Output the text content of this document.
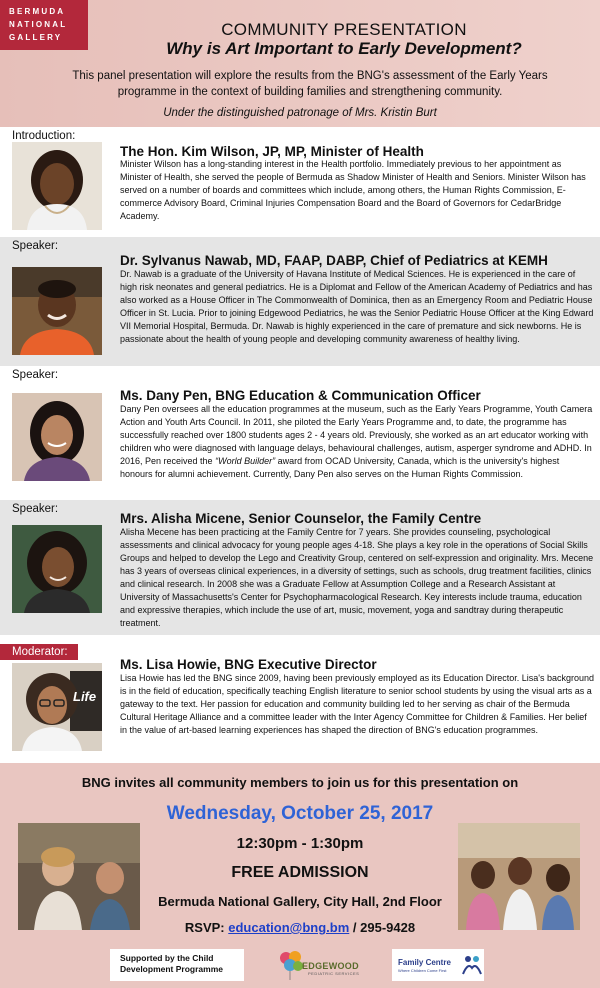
BERMUDA
NATIONAL
GALLERY	COMMUNITY PRESENTATION
Why is Art Important to Early Development?
This panel presentation will explore the results from the BNG's assessment of the Early Years programme in the context of building families and strengthening community.
Under the distinguished patronage of Mrs. Kristin Burt
Introduction:
The Hon. Kim Wilson, JP, MP, Minister of Health
Minister Wilson has a long-standing interest in the Health portfolio. Immediately previous to her appointment as Minister of Health, she served the people of Bermuda as Shadow Minister of Health and Seniors. Minister Wilson has served on a number of boards and committees which include, among others, the Human Rights Commission, E-commerce Advisory Board, Criminal Injuries Compensation Board and the Board of Governors for CedarBridge Academy.
Speaker:
Dr. Sylvanus Nawab, MD, FAAP, DABP, Chief of Pediatrics at KEMH
Dr. Nawab is a graduate of the University of Havana Institute of Medical Sciences. He is experienced in the care of high risk neonates and general pediatrics. He is a Diplomat and Fellow of the American Academy of Pediatrics and has also worked as a House Officer in The Commonwealth of Dominica, then as an Emergency Room and Pediatric House Officer in St. Lucia. Prior to joining Edgewood Pediatrics, he was the Senior Pediatric House Officer at the King Edward VII Memorial Hospital, Bermuda. Dr. Nawab is highly experienced in the care of premature and sick newborns. He is passionate about the health of young people and developing community awareness of healthy living.
Speaker:
Ms. Dany Pen, BNG Education & Communication Officer
Dany Pen oversees all the education programmes at the museum, such as the Early Years Programme, Youth Camera Action and Youth Arts Council. In 2011, she piloted the Early Years Programme and, to date, the programme has successfully reached over 1800 students ages 2 - 4 years old. Previously, she worked as an art educator working with children who were diagnosed with language delays, behavioural challenges, autism, asperger syndrome and ADHD. In 2016, Pen received the “World Builder” award from OCAD University, Canada, which is the university's highest honours for alumni achievement. Currently, Dany Pen also serves on the Human Rights Commission.
Speaker:
Mrs. Alisha Micene, Senior Counselor, the Family Centre
Alisha Mecene has been practicing at the Family Centre for 7 years. She provides counseling, psychological assessments and clinical advocacy for young people ages 4-18. She plays a key role in the operations of Social Skills Groups and helped to develop the Lego and Creativity Group, centered on self-expression and originality. Mrs. Mecene has 3 years of overseas clinical experiences, in a diversity of settings, such as schools, drug treatment facilities, clinics and clinical research. In 2008 she was a Graduate Fellow at Assumption College and a Research Assistant at University of Massachusetts's Center for Psychopharmacological Research. Key interests include trauma, education and expressive therapies, which include the use of art, music, movement, yoga and sandtray during therapeutic treatment.
Moderator:
Life
Ms. Lisa Howie, BNG Executive Director
Lisa Howie has led the BNG since 2009, having been previously employed as its Education Director. Lisa's background is in the field of education, specifically teaching English literature to senior school students by using the visual arts as a gateway to the text. Her passion for education and community building led to her serving as chair of the Bermuda Cultural Heritage Alliance and a committee leader with the Inter Agency Committee for Children & Families. Her belief in the value of art-based learning experiences has shaped the direction of BNG's education programmes.
BNG invites all community members to join us for this presentation on
Wednesday, October 25, 2017
12:30pm - 1:30pm
FREE ADMISSION
Bermuda National Gallery, City Hall, 2nd Floor
RSVP: education@bng.bm / 295-9428
Supported by the Child
Development Programme	EDGEWOOD
PEDIATRIC SERVICES
Family Centre
Where Children Come First
